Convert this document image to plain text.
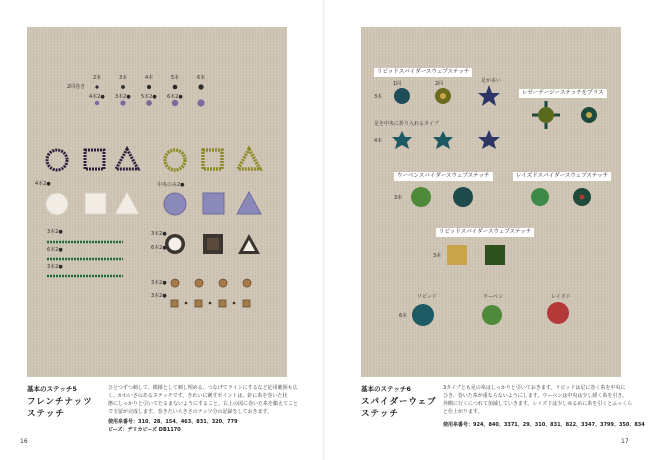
2本	3本	4本	5本	6本
2回巻き
4本2● 3本2● 5本2● 6本2●
4本2●	中央のみ2●
3本2●
6本2●
3本2●
3本2●
6本2●
3本2●
3本2●
基本のステッチ5
フレンチナッツ
ステッチ
ひとつずつ刺して、模様として刺し埋める、つなげてラインにするなど応用範囲も広
く、かわいさのあるステッチです。きれいに刺すポイントは、針に糸を巻いた状
態にしっかりと引いてたるまないようにすること。右上の図に巻いた糸を揃えてこと
で玉留が完成します。巻きたい大きさのナッツ分の記録をしておきます。
使用糸番号：310、28、154、463、831、320、779
ビーズ：デリカビーズ DB1170
16
リビッドスパイダースウェブステッチ
1回	2回	足が多い
3本
レゼーデージーステッチをプラス
足を中央に折り入れるタイプ
4本
ウーベンスパイダースウェブステッチ	レイズドスパイダースウェブステッチ
3本
リビッドスパイダースウェブステッチ
3本
リビッド	ウーベン	レイズド
6本
基本のステッチ6
スパイダーウェブ
ステッチ
3タイプとも足の糸はしっかりと引いておきます。リビッドは足に巻く糸を中央に
ひき、巻いた糸が重ならないようにします。ウーベンは中央は少し緩く糸を引き、
外側に行くにつれて加減していきます。レイズドは少しゆるめに糸を引くとふっくら
と仕上がります。
使用糸番号：924、840、3371、29、310、831、822、3347、3799、350、834
17
